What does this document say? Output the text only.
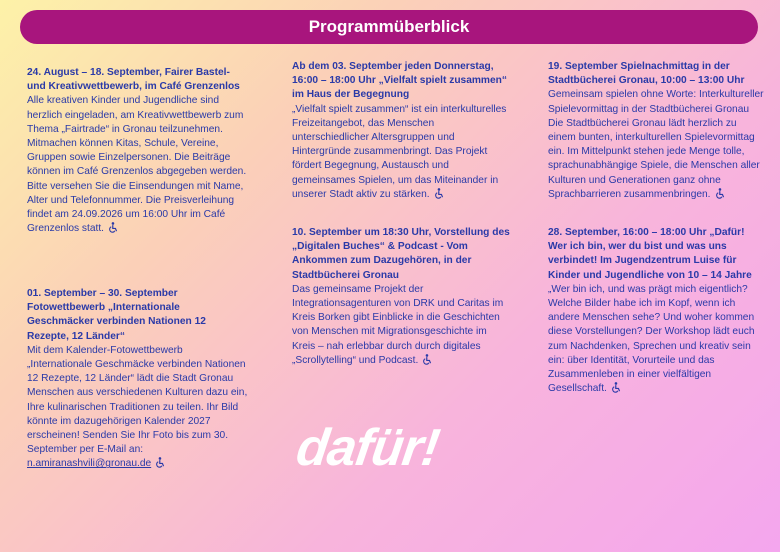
Programmüberblick

24. August – 18. September, Fairer Bastel- und Kreativwettbewerb, im Café Grenzenlos

Alle kreativen Kinder und Jugendliche sind herzlich eingeladen, am Kreativwettbewerb zum Thema „Fairtrade“ in Gronau teilzunehmen. Mitmachen können Kitas, Schule, Vereine, Gruppen sowie Einzelpersonen. Die Beiträge können im Café Grenzenlos abgegeben werden. Bitte versehen Sie die Einsendungen mit Name, Alter und Telefonnummer. Die Preisverleihung findet am 24.09.2026 um 16:00 Uhr im Café Grenzenlos statt.

01. September – 30. September Fotowettbewerb „Internationale Geschmäcker verbinden Nationen 12 Rezepte, 12 Länder“

Mit dem Kalender-Fotowettbewerb „Internationale Geschmäcke verbinden Nationen 12 Rezepte, 12 Länder“ lädt die Stadt Gronau Menschen aus verschiedenen Kulturen dazu ein, Ihre kulinarischen Traditionen zu teilen. Ihr Bild könnte im dazugehörigen Kalender 2027 erscheinen! Senden Sie Ihr Foto bis zum 30. September per E-Mail an: n.amiranashvili@gronau.de

Ab dem 03. September jeden Donnerstag, 16:00 – 18:00 Uhr „Vielfalt spielt zusammen“ im Haus der Begegnung

„Vielfalt spielt zusammen“ ist ein interkulturelles Freizeitangebot, das Menschen unterschiedlicher Altersgruppen und Hintergründe zusammenbringt. Das Projekt fördert Begegnung, Austausch und gemeinsames Spielen, um das Miteinander in unserer Stadt aktiv zu stärken.

10. September um 18:30 Uhr, Vorstellung des „Digitalen Buches“ & Podcast - Vom Ankommen zum Dazugehören, in der Stadtbücherei Gronau

Das gemeinsame Projekt der Integrationsagenturen von DRK und Caritas im Kreis Borken gibt Einblicke in die Geschichten von Menschen mit Migrationsgeschichte im Kreis – nah erlebbar durch durch digitales „Scrollytelling“ und Podcast.

19. September Spielnachmittag in der Stadtbücherei Gronau, 10:00 – 13:00 Uhr

Gemeinsam spielen ohne Worte: Interkultureller Spielevormittag in der Stadtbücherei Gronau Die Stadtbücherei Gronau lädt herzlich zu einem bunten, interkulturellen Spielevormittag ein. Im Mittelpunkt stehen jede Menge tolle, sprachunabhängige Spiele, die Menschen aller Kulturen und Generationen ganz ohne Sprachbarrieren zusammenbringen.

28. September, 16:00 – 18:00 Uhr „Dafür! Wer ich bin, wer du bist und was uns verbindet! Im Jugendzentrum Luise für Kinder und Jugendliche von 10 – 14 Jahre

„Wer bin ich, und was prägt mich eigentlich? Welche Bilder habe ich im Kopf, wenn ich andere Menschen sehe? Und woher kommen diese Vorstellungen? Der Workshop lädt euch zum Nachdenken, Sprechen und kreativ sein ein: über Identität, Vorurteile und das Zusammenleben in einer vielfältigen Gesellschaft.

dafür!
